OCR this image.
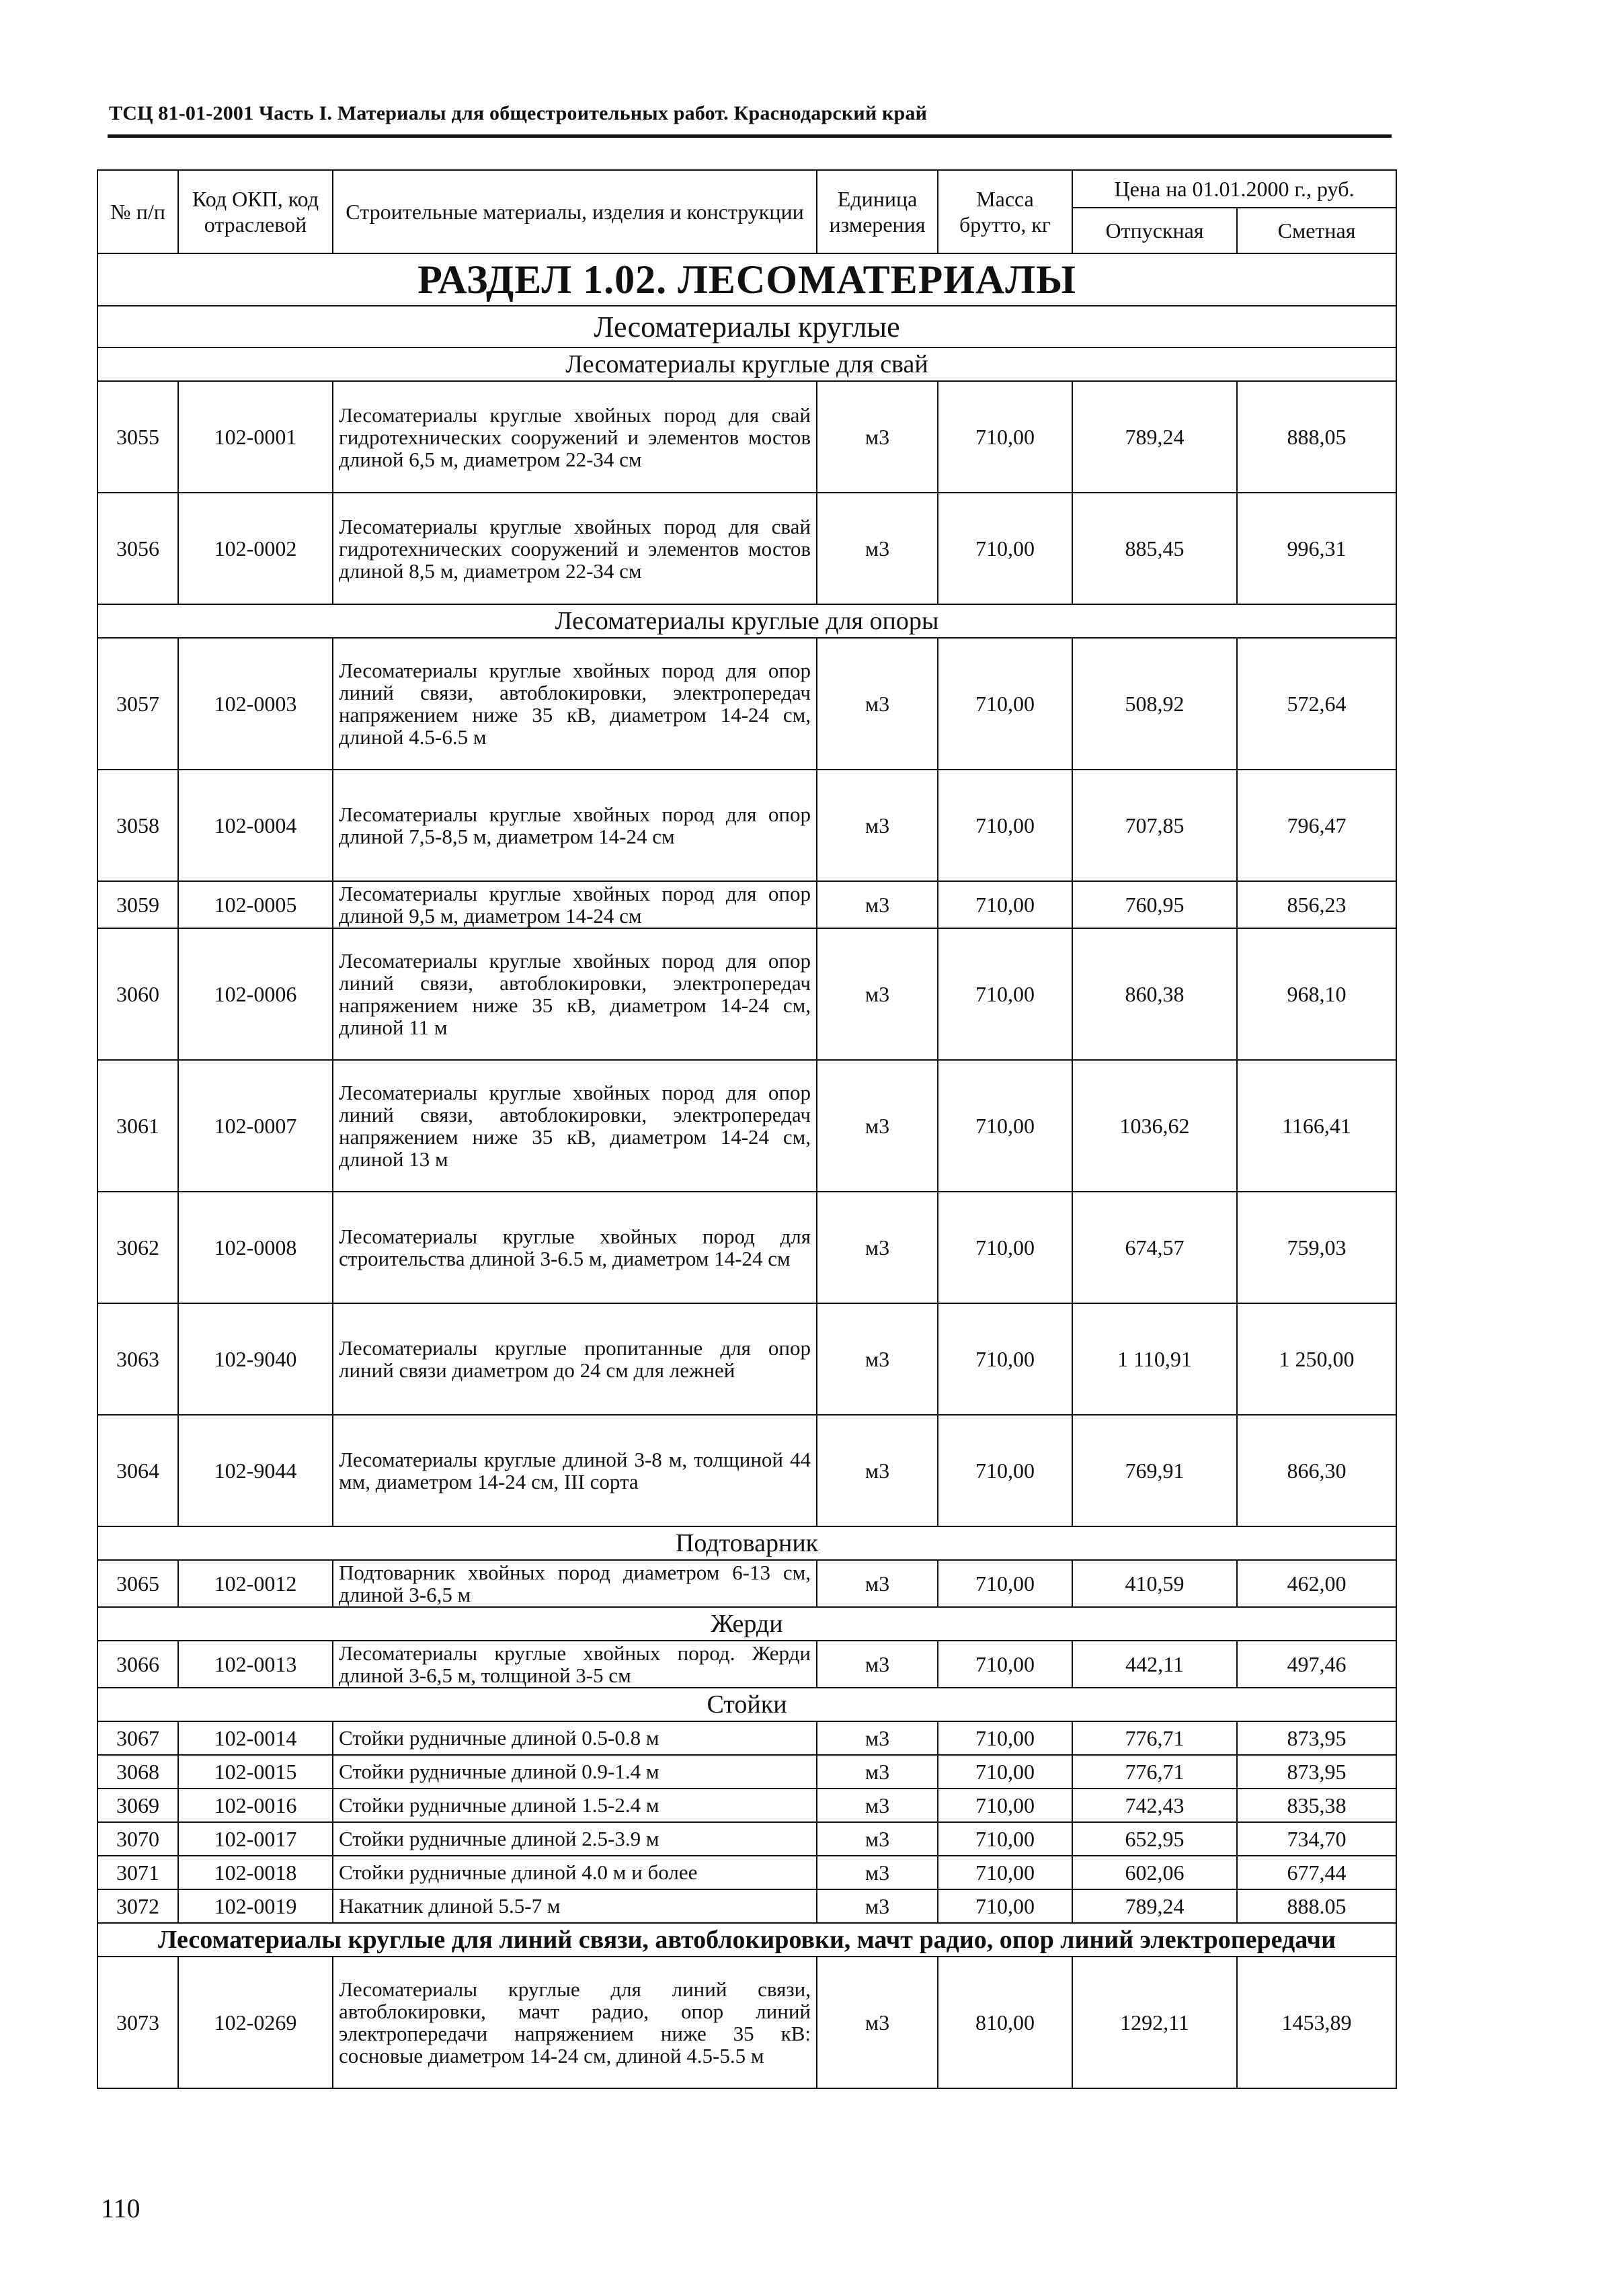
ТСЦ 81-01-2001 Часть I. Материалы для общестроительных работ. Краснодарский край
№ п/п	Код ОКП, код отраслевой	Строительные материалы, изделия и конструкции	Единица измерения	Масса брутто, кг	Цена на 01.01.2000 г., руб.	
					Отпускная	Сметная
РАЗДЕЛ 1.02. ЛЕСОМАТЕРИАЛЫ						
Лесоматериалы круглые						
Лесоматериалы круглые для свай						
3055	102-0001	Лесоматериалы круглые хвойных пород для свай гидротехнических сооружений и элементов мостов длиной 6,5 м, диаметром 22-34 см	м3	710,00	789,24	888,05
3056	102-0002	Лесоматериалы круглые хвойных пород для свай гидротехнических сооружений и элементов мостов длиной 8,5 м, диаметром 22-34 см	м3	710,00	885,45	996,31
Лесоматериалы круглые для опоры						
3057	102-0003	Лесоматериалы круглые хвойных пород для опор линий связи, автоблокировки, электропередач напряжением ниже 35 кВ, диаметром 14-24 см, длиной 4.5-6.5 м	м3	710,00	508,92	572,64
3058	102-0004	Лесоматериалы круглые хвойных пород для опор длиной 7,5-8,5 м, диаметром 14-24 см	м3	710,00	707,85	796,47
3059	102-0005	Лесоматериалы круглые хвойных пород для опор длиной 9,5 м, диаметром 14-24 см	м3	710,00	760,95	856,23
3060	102-0006	Лесоматериалы круглые хвойных пород для опор линий связи, автоблокировки, электропередач напряжением ниже 35 кВ, диаметром 14-24 см, длиной 11 м	м3	710,00	860,38	968,10
3061	102-0007	Лесоматериалы круглые хвойных пород для опор линий связи, автоблокировки, электропередач напряжением ниже 35 кВ, диаметром 14-24 см, длиной 13 м	м3	710,00	1036,62	1166,41
3062	102-0008	Лесоматериалы круглые хвойных пород для строительства длиной 3-6.5 м, диаметром 14-24 см	м3	710,00	674,57	759,03
3063	102-9040	Лесоматериалы круглые пропитанные для опор линий связи диаметром до 24 см для лежней	м3	710,00	1 110,91	1 250,00
3064	102-9044	Лесоматериалы круглые длиной 3-8 м, толщиной 44 мм, диаметром 14-24 см, III сорта	м3	710,00	769,91	866,30
Подтоварник						
3065	102-0012	Подтоварник хвойных пород диаметром 6-13 см, длиной 3-6,5 м	м3	710,00	410,59	462,00
Жерди						
3066	102-0013	Лесоматериалы круглые хвойных пород. Жерди длиной 3-6,5 м, толщиной 3-5 см	м3	710,00	442,11	497,46
Стойки						
3067	102-0014	Стойки рудничные длиной 0.5-0.8 м	м3	710,00	776,71	873,95
3068	102-0015	Стойки рудничные длиной 0.9-1.4 м	м3	710,00	776,71	873,95
3069	102-0016	Стойки рудничные длиной 1.5-2.4 м	м3	710,00	742,43	835,38
3070	102-0017	Стойки рудничные длиной 2.5-3.9 м	м3	710,00	652,95	734,70
3071	102-0018	Стойки рудничные длиной 4.0 м и более	м3	710,00	602,06	677,44
3072	102-0019	Накатник длиной 5.5-7 м	м3	710,00	789,24	888.05
Лесоматериалы круглые для линий связи, автоблокировки, мачт радио, опор линий электропередачи						
3073	102-0269	Лесоматериалы круглые для линий связи, автоблокировки, мачт радио, опор линий электропередачи напряжением ниже 35 кВ: сосновые диаметром 14-24 см, длиной 4.5-5.5 м	м3	810,00	1292,11	1453,89
110
